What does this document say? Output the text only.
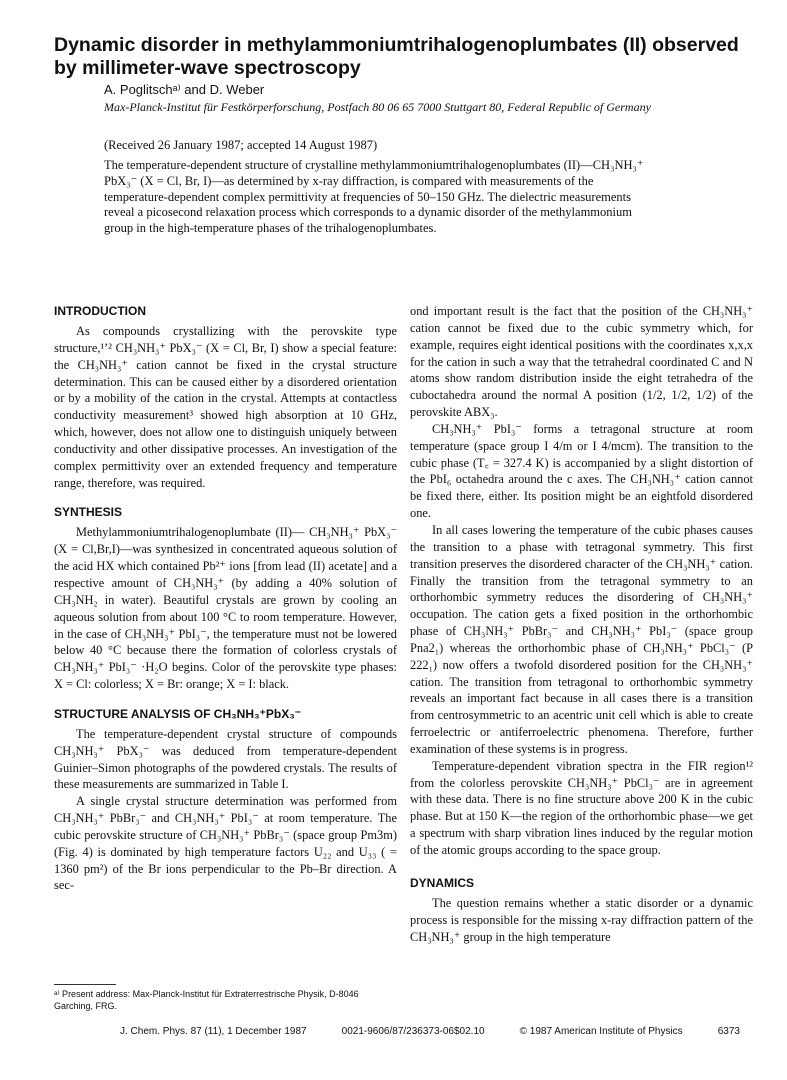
Dynamic disorder in methylammoniumtrihalogenoplumbates (II) observed by millimeter-wave spectroscopy
A. Poglitschᵃ⁾ and D. Weber
Max-Planck-Institut für Festkörperforschung, Postfach 80 06 65 7000 Stuttgart 80, Federal Republic of Germany
(Received 26 January 1987; accepted 14 August 1987)

The temperature-dependent structure of crystalline methylammoniumtrihalogenoplumbates (II)—CH₃NH₃⁺ PbX₃⁻ (X = Cl, Br, I)—as determined by x-ray diffraction, is compared with measurements of the temperature-dependent complex permittivity at frequencies of 50–150 GHz. The dielectric measurements reveal a picosecond relaxation process which corresponds to a dynamic disorder of the methylammonium group in the high-temperature phases of the trihalogenoplumbates.

INTRODUCTION

As compounds crystallizing with the perovskite type structure,¹ʼ² CH₃NH₃⁺ PbX₃⁻ (X = Cl, Br, I) show a special feature: the CH₃NH₃⁺ cation cannot be fixed in the crystal structure determination. This can be caused either by a disordered orientation or by a mobility of the cation in the crystal. Attempts at contactless conductivity measurement³ showed high absorption at 10 GHz, which, however, does not allow one to distinguish uniquely between conductivity and other dissipative processes. An investigation of the complex permittivity over an extended frequency and temperature range, therefore, was required.

SYNTHESIS

Methylammoniumtrihalogenoplumbate (II)— CH₃NH₃⁺ PbX₃⁻ (X = Cl,Br,I)—was synthesized in concentrated aqueous solution of the acid HX which contained Pb²⁺ ions [from lead (II) acetate] and a respective amount of CH₃NH₃⁺ (by adding a 40% solution of CH₃NH₂ in water). Beautiful crystals are grown by cooling an aqueous solution from about 100 °C to room temperature. However, in the case of CH₃NH₃⁺ PbI₃⁻, the temperature must not be lowered below 40 °C because there the formation of colorless crystals of CH₃NH₃⁺ PbI₃⁻ ·H₂O begins. Color of the perovskite type phases: X = Cl: colorless; X = Br: orange; X = I: black.

STRUCTURE ANALYSIS OF CH₃NH₃⁺PbX₃⁻

The temperature-dependent crystal structure of compounds CH₃NH₃⁺ PbX₃⁻ was deduced from temperature-dependent Guinier–Simon photographs of the powdered crystals. The results of these measurements are summarized in Table I.

A single crystal structure determination was performed from CH₃NH₃⁺ PbBr₃⁻ and CH₃NH₃⁺ PbI₃⁻ at room temperature. The cubic perovskite structure of CH₃NH₃⁺ PbBr₃⁻ (space group Pm3m) (Fig. 4) is dominated by high temperature factors U₂₂ and U₃₃ ( = 1360 pm²) of the Br ions perpendicular to the Pb–Br direction. A sec-

ond important result is the fact that the position of the CH₃NH₃⁺ cation cannot be fixed due to the cubic symmetry which, for example, requires eight identical positions with the coordinates x,x,x for the cation in such a way that the tetrahedral coordinated C and N atoms show random distribution inside the eight tetrahedra of the cuboctahedra around the normal A position (1/2, 1/2, 1/2) of the perovskite ABX₃.

CH₃NH₃⁺ PbI₃⁻ forms a tetragonal structure at room temperature (space group I 4/m or I 4/mcm). The transition to the cubic phase (T꜀ = 327.4 K) is accompanied by a slight distortion of the PbI₆ octahedra around the c axes. The CH₃NH₃⁺ cation cannot be fixed there, either. Its position might be an eightfold disordered one.

In all cases lowering the temperature of the cubic phases causes the transition to a phase with tetragonal symmetry. This first transition preserves the disordered character of the CH₃NH₃⁺ cation. Finally the transition from the tetragonal symmetry to an orthorhombic symmetry reduces the disordering of CH₃NH₃⁺ occupation. The cation gets a fixed position in the orthorhombic phase of CH₃NH₃⁺ PbBr₃⁻ and CH₃NH₃⁺ PbI₃⁻ (space group Pna2₁) whereas the orthorhombic phase of CH₃NH₃⁺ PbCl₃⁻ (P 222₁) now offers a twofold disordered position for the CH₃NH₃⁺ cation. The transition from tetragonal to orthorhombic symmetry reveals an important fact because in all cases there is a transition from centrosymmetric to an acentric unit cell which is able to create ferroelectric or antiferroelectric phenomena. Therefore, further examination of these systems is in progress.

Temperature-dependent vibration spectra in the FIR region¹² from the colorless perovskite CH₃NH₃⁺ PbCl₃⁻ are in agreement with these data. There is no fine structure above 200 K in the cubic phase. But at 150 K—the region of the orthorhombic phase—we get a spectrum with sharp vibration lines induced by the regular motion of the atomic groups according to the space group.

DYNAMICS

The question remains whether a static disorder or a dynamic process is responsible for the missing x-ray diffraction pattern of the CH₃NH₃⁺ group in the high temperature

ᵃ⁾ Present address: Max-Planck-Institut für Extraterrestrische Physik, D-8046 Garching, FRG.
J. Chem. Phys. 87 (11), 1 December 1987	0021-9606/87/236373-06$02.10	© 1987 American Institute of Physics	6373
